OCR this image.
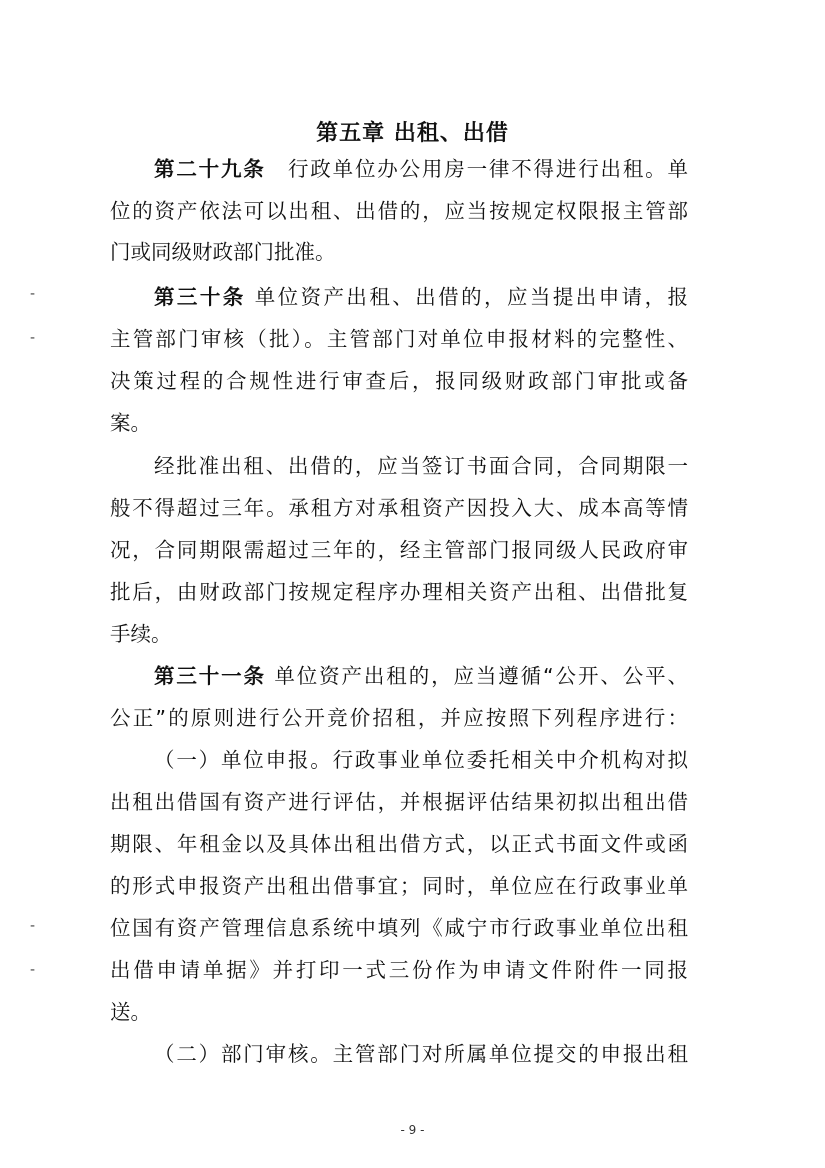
第五章 出租、出借
第二十九条　行政单位办公用房一律不得进行出租。单
位的资产依法可以出租、出借的，应当按规定权限报主管部
门或同级财政部门批准。
第三十条 单位资产出租、出借的，应当提出申请，报
主管部门审核（批）。主管部门对单位申报材料的完整性、
决策过程的合规性进行审查后，报同级财政部门审批或备
案。
经批准出租、出借的，应当签订书面合同，合同期限一
般不得超过三年。承租方对承租资产因投入大、成本高等情
况，合同期限需超过三年的，经主管部门报同级人民政府审
批后，由财政部门按规定程序办理相关资产出租、出借批复
手续。
第三十一条 单位资产出租的，应当遵循“公开、公平、
公正”的原则进行公开竞价招租，并应按照下列程序进行：
（一）单位申报。行政事业单位委托相关中介机构对拟
出租出借国有资产进行评估，并根据评估结果初拟出租出借
期限、年租金以及具体出租出借方式，以正式书面文件或函
的形式申报资产出租出借事宜；同时，单位应在行政事业单
位国有资产管理信息系统中填列《咸宁市行政事业单位出租
出借申请单据》并打印一式三份作为申请文件附件一同报
送。
（二）部门审核。主管部门对所属单位提交的申报出租
-
-
-
-
- 9 -
